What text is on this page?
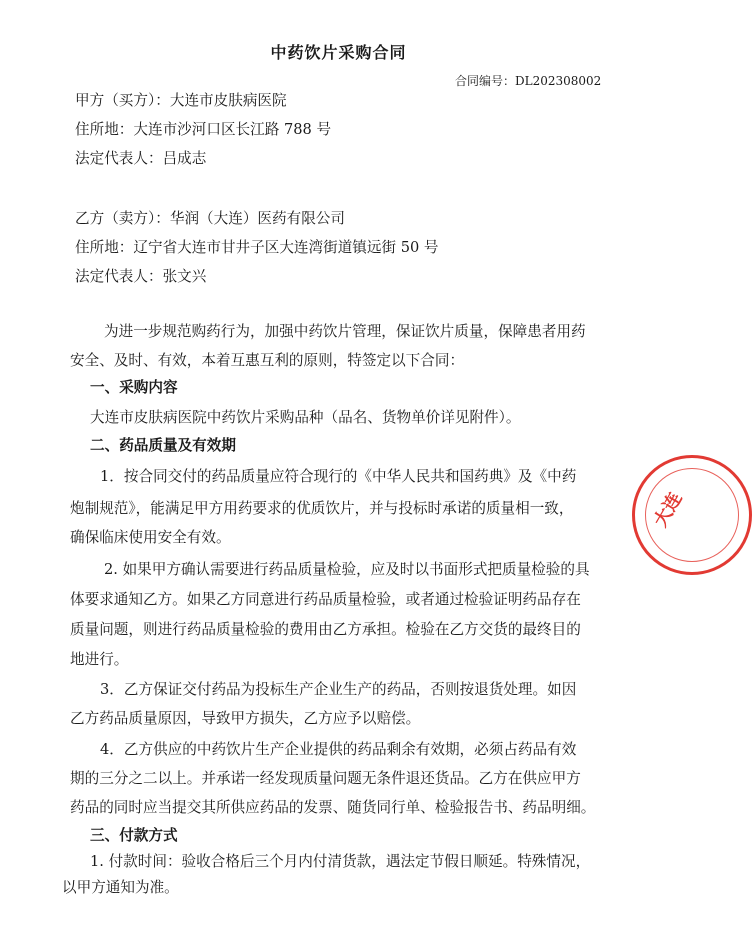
中药饮片采购合同
合同编号：DL202308002
甲方（买方）：大连市皮肤病医院
住所地：大连市沙河口区长江路 788 号
法定代表人：吕成志
乙方（卖方）：华润（大连）医药有限公司
住所地：辽宁省大连市甘井子区大连湾街道镇远街 50 号
法定代表人：张文兴
为进一步规范购药行为，加强中药饮片管理，保证饮片质量，保障患者用药
安全、及时、有效，本着互惠互利的原则，特签定以下合同：
一、采购内容
大连市皮肤病医院中药饮片采购品种（品名、货物单价详见附件）。
二、药品质量及有效期
1．按合同交付的药品质量应符合现行的《中华人民共和国药典》及《中药
炮制规范》，能满足甲方用药要求的优质饮片，并与投标时承诺的质量相一致，
确保临床使用安全有效。
2. 如果甲方确认需要进行药品质量检验，应及时以书面形式把质量检验的具
体要求通知乙方。如果乙方同意进行药品质量检验，或者通过检验证明药品存在
质量问题，则进行药品质量检验的费用由乙方承担。检验在乙方交货的最终目的
地进行。
3．乙方保证交付药品为投标生产企业生产的药品，否则按退货处理。如因
乙方药品质量原因，导致甲方损失，乙方应予以赔偿。
4．乙方供应的中药饮片生产企业提供的药品剩余有效期，必须占药品有效
期的三分之二以上。并承诺一经发现质量问题无条件退还货品。乙方在供应甲方
药品的同时应当提交其所供应药品的发票、随货同行单、检验报告书、药品明细。
三、付款方式
1. 付款时间：验收合格后三个月内付清货款，遇法定节假日顺延。特殊情况，
以甲方通知为准。
大连
